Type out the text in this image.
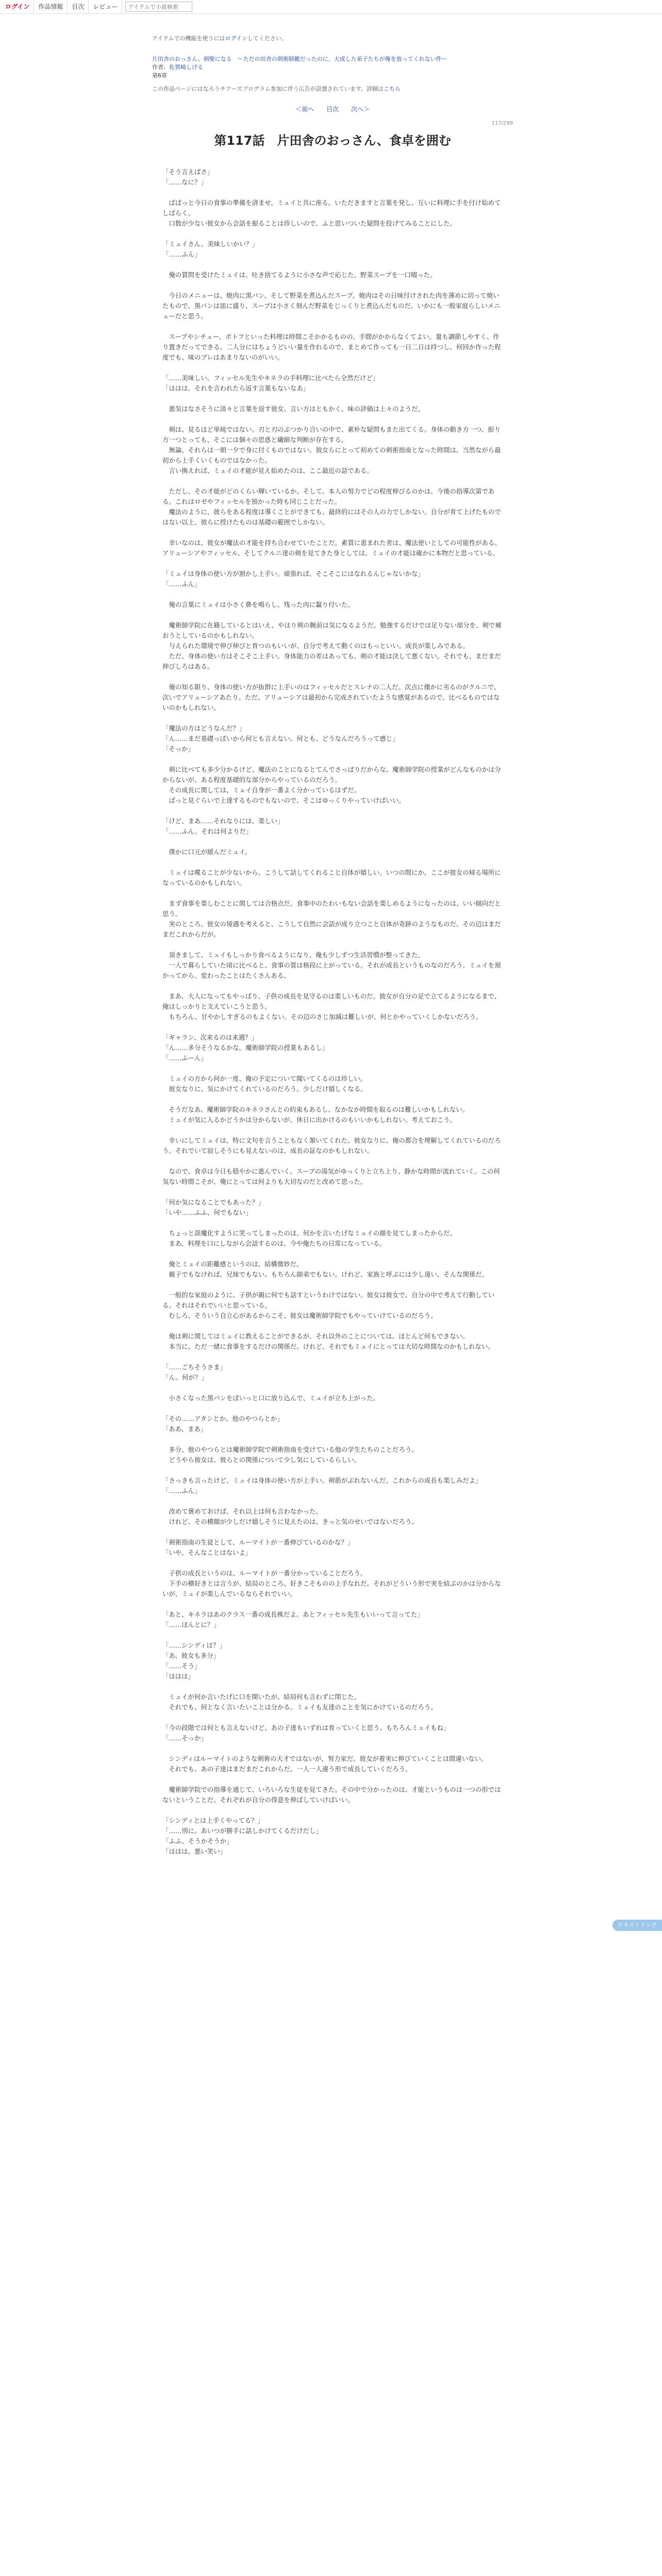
ログイン	作品情報	目次	レビュー
アイテムで小説検索
アイテムでの機能を使うにはログインしてください。
片田舎のおっさん、剣聖になる　～ただの田舎の剣術師範だったのに、大成した弟子たちが俺を放ってくれない件～
作者：佐賀崎しげる
第6章
この作品ページにはなろうチアーズプログラム参加に伴う広告が設置されています。詳細はこちら
＜前へ 目次 次へ＞
117/299
第117話　片田舎のおっさん、食卓を囲む

「そう言えばさ」
「……なに？」

　ぱぱっと今日の食事の準備を済ませ、ミュイと共に座る。いただきますと言葉を発し、互いに料理に手を付け始めてしばらく。
　口数が少ない彼女から会話を振ることは珍しいので、ふと思いついた疑問を投げてみることにした。

「ミュイさん、美味しいかい？」
「……ふん」

　俺の質問を受けたミュイは、吐き捨てるように小さな声で応じた。野菜スープを一口啜った。

　今日のメニューは、焼肉に黒パン、そして野菜を煮込んだスープ。焼肉はその日味付けされた肉を薄めに切って焼いたもので、黒パンは皿に盛り、スープは小さく刻んだ野菜をじっくりと煮込んだものだ。いかにも一般家庭らしいメニューだと思う。

　スープやシチュー、ポトフといった料理は時間こそかかるものの、手間がかからなくてよい。量も調節しやすく、作り置きだってできる。二人分にはちょうどいい量を作れるので、まとめて作っても一日二日は持つし、何回か作った程度でも、味のブレはあまりないのがいい。

「……美味しい。フィッセル先生やキネラの手料理に比べたら全然だけど」
「ははは、それを言われたら返す言葉もないなあ」

　悪気はなさそうに淡々と言葉を返す彼女。言い方はともかく、味の評価は上々のようだ。

　剣は、見るほど単純ではない。刃と刃のぶつかり合いの中で、素朴な疑問もまた出てくる。身体の動き方一つ、振り方一つとっても、そこには個々の思惑と繊細な判断が存在する。
　無論、それらは一朝一夕で身に付くものではない。彼女らにとって初めての剣術指南となった時間は、当然ながら最初から上手くいくものではなかった。
　言い換えれば、ミュイの才能が見え始めたのは、ここ最近の話である。

　ただし、その才能がどのくらい輝いているか、そして、本人の努力でどの程度伸びるのかは、今後の指導次第である。これはロゼやフィッセルを預かった時も同じことだった。
　魔法のように、彼らをある程度は導くことができても、最終的にはその人の力でしかない。自分が育て上げたものではない以上、彼らに授けたものは基礎の範囲でしかない。

　幸いなのは、彼女が魔法の才能を持ち合わせていたことだ。素質に恵まれた者は、魔法使いとしての可能性がある。アリューシアやフィッセル、そしてクルニ達の剣を見てきた身としては、ミュイの才能は確かに本物だと思っている。

「ミュイは身体の使い方が割かし上手い。頑張れば、そこそこにはなれるんじゃないかな」
「……ふん」

　俺の言葉にミュイは小さく鼻を鳴らし、残った肉に齧り付いた。

　魔術師学院に在籍しているとはいえ、やはり剣の腕前は気になるようだ。勉強するだけでは足りない部分を、剣で補おうとしているのかもしれない。
　与えられた環境で伸び伸びと育つのもいいが、自分で考えて動くのはもっといい。成長が楽しみである。
　ただ、身体の使い方はそこそこ上手い。身体能力の差はあっても、剣の才能は決して悪くない。それでも、まだまだ伸びしろはある。

　俺の知る限り、身体の使い方が抜群に上手いのはフィッセルだとスレナの二人だ。次点に僅かに劣るのがクルニで、次いでアリューシアあたり。ただ、アリューシアは最初から完成されていたような感覚があるので、比べるものではないのかもしれない。

「魔法の方はどうなんだ？」
「ん……まだ基礎っぽいから何とも言えない。何とも、どうなんだろうって感じ」
「そっか」

　剣に比べても多少分かるけど、魔法のことになるとてんでさっぱりだからな。魔術師学院の授業がどんなものかは分からないが、ある程度基礎的な部分からやっているのだろう。
　その成長に関しては、ミュイ自身が一番よく分かっているはずだ。
　ぱっと見ぐらいで上達するものでもないので、そこはゆっくりやっていけばいい。

「けど、まあ……それなりには、楽しい」
「……ふん。それは何よりだ」

　僕かに口元が緩んだミュイ。

　ミュイは喋ることが少ないから、こうして話してくれること自体が嬉しい。いつの間にか、ここが彼女の帰る場所になっているのかもしれない。

　まず食事を楽しむことに関しては合格点だ。食事中のたわいもない会話を楽しめるようになったのは、いい傾向だと思う。
　実のところ、彼女の境遇を考えると、こうして自然に会話が成り立つこと自体が奇跡のようなものだ。その辺はまだまだこれからだが。

　頂きまして、ミュイもしっかり食べるようになり、俺も少しずつ生活習慣が整ってきた。
　一人で暮らしていた頃に比べると、食事の質は格段に上がっている。それが成長というものなのだろう。ミュイを預かってから、変わったことはたくさんある。

　まあ、大人になってもやっぱり、子供の成長を見守るのは楽しいものだ。彼女が自分の足で立てるようになるまで、俺はしっかりと支えていこうと思う。
　もちろん、甘やかしすぎるのもよくない。その辺のさじ加減は難しいが、何とかやっていくしかないだろう。

「ギャラン、次来るのは来週？」
「ん……多分そうなるかな。魔術師学院の授業もあるし」
「……ふーん」

　ミュイの方から何か一度、俺の予定について聞いてくるのは珍しい。
　彼女なりに、気にかけてくれているのだろう。少しだけ嬉しくなる。

　そうだなあ、魔術師学院のキネラさんとの約束もあるし、なかなか時間を取るのは難しいかもしれない。
　ミュイが気に入るかどうかは分からないが、休日に出かけるのもいいかもしれない。考えておこう。

　幸いにしてミュイは、特に文句を言うこともなく頷いてくれた。彼女なりに、俺の都合を理解してくれているのだろう。それでいて寂しそうにも見えないのは、成長の証なのかもしれない。

　なので、食卓は今日も穏やかに進んでいく。スープの湯気がゆっくりと立ち上り、静かな時間が流れていく。この何気ない時間こそが、俺にとっては何よりも大切なのだと改めて思った。

「何か気になることでもあった？」
「いや……ふふ、何でもない」

　ちょっと誤魔化すように笑ってしまったのは、何かを言いたげなミュイの顔を見てしまったからだ。
　まあ、料理を口にしながら会話するのは、今や俺たちの日常になっている。

　俺とミュイの距離感というのは、結構微妙だ。
　親子でもなければ、兄妹でもない。もちろん師弟でもない。けれど、家族と呼ぶには少し遠い、そんな関係だ。

　一般的な家庭のように、子供が親に何でも話すというわけではない。彼女は彼女で、自分の中で考えて行動している。それはそれでいいと思っている。
　むしろ、そういう自立心があるからこそ、彼女は魔術師学院でもやっていけているのだろう。

　俺は剣に関してはミュイに教えることができるが、それ以外のことについては、ほとんど何もできない。
　本当に、ただ一緒に食事をするだけの関係だ。けれど、それでもミュイにとっては大切な時間なのかもしれない。

「……ごちそうさま」
「ん。何が？」

　小さくなった黒パンをぽいっと口に放り込んで、ミュイが立ち上がった。

「その……アタシとか、他のやつらとか」
「ああ、まあ」

　多分、他のやつらとは魔術師学院で剣術指南を受けている他の学生たちのことだろう。
　どうやら彼女は、彼らとの関係について少し気にしているらしい。

「さっきも言ったけど、ミュイは身体の使い方が上手い。剣筋がぶれないんだ。これからの成長も楽しみだよ」
「……ふん」

　改めて褒めておけば、それ以上は何も言わなかった。
　けれど、その横顔が少しだけ嬉しそうに見えたのは、きっと気のせいではないだろう。

「剣術指南の生徒として、ルーマイトが一番伸びているのかな？」
「いや、そんなことはないよ」

　子供の成長というのは、ルーマイトが一番分かっていることだろう。
　下手の横好きとは言うが、結局のところ、好きこそものの上手なれだ。それがどういう形で実を結ぶのかは分からないが、ミュイが楽しんでいるならそれでいい。

「あと、キネラはあのクラス一番の成長株だよ。あとフィッセル先生もいいって言ってた」
「……ほんとに？」

「……シンディは？」
「あ、彼女も多分」
「……そう」
「ははは」

　ミュイが何か言いたげに口を開いたが、結局何も言わずに閉じた。
　それでも、何となく言いたいことは分かる。ミュイも友達のことを気にかけているのだろう。

「今の段階では何とも言えないけど、あの子達もいずれは育っていくと思う。もちろんミュイもね」
「……そっか」

　シンディはルーマイトのような剣術の天才ではないが、努力家だ。彼女が着実に伸びていくことは間違いない。
　それでも、あの子達はまだまだこれからだ。一人一人違う形で成長していくだろう。

　魔術師学院での指導を通じて、いろいろな生徒を見てきた。その中で分かったのは、才能というものは一つの形ではないということだ。それぞれが自分の得意を伸ばしていけばいい。

「シンディとは上手くやってる？」
「……別に。あいつが勝手に話しかけてくるだけだし」
「ふふ、そうかそうか」
「ははは。悪い笑い」

テキストリンク
